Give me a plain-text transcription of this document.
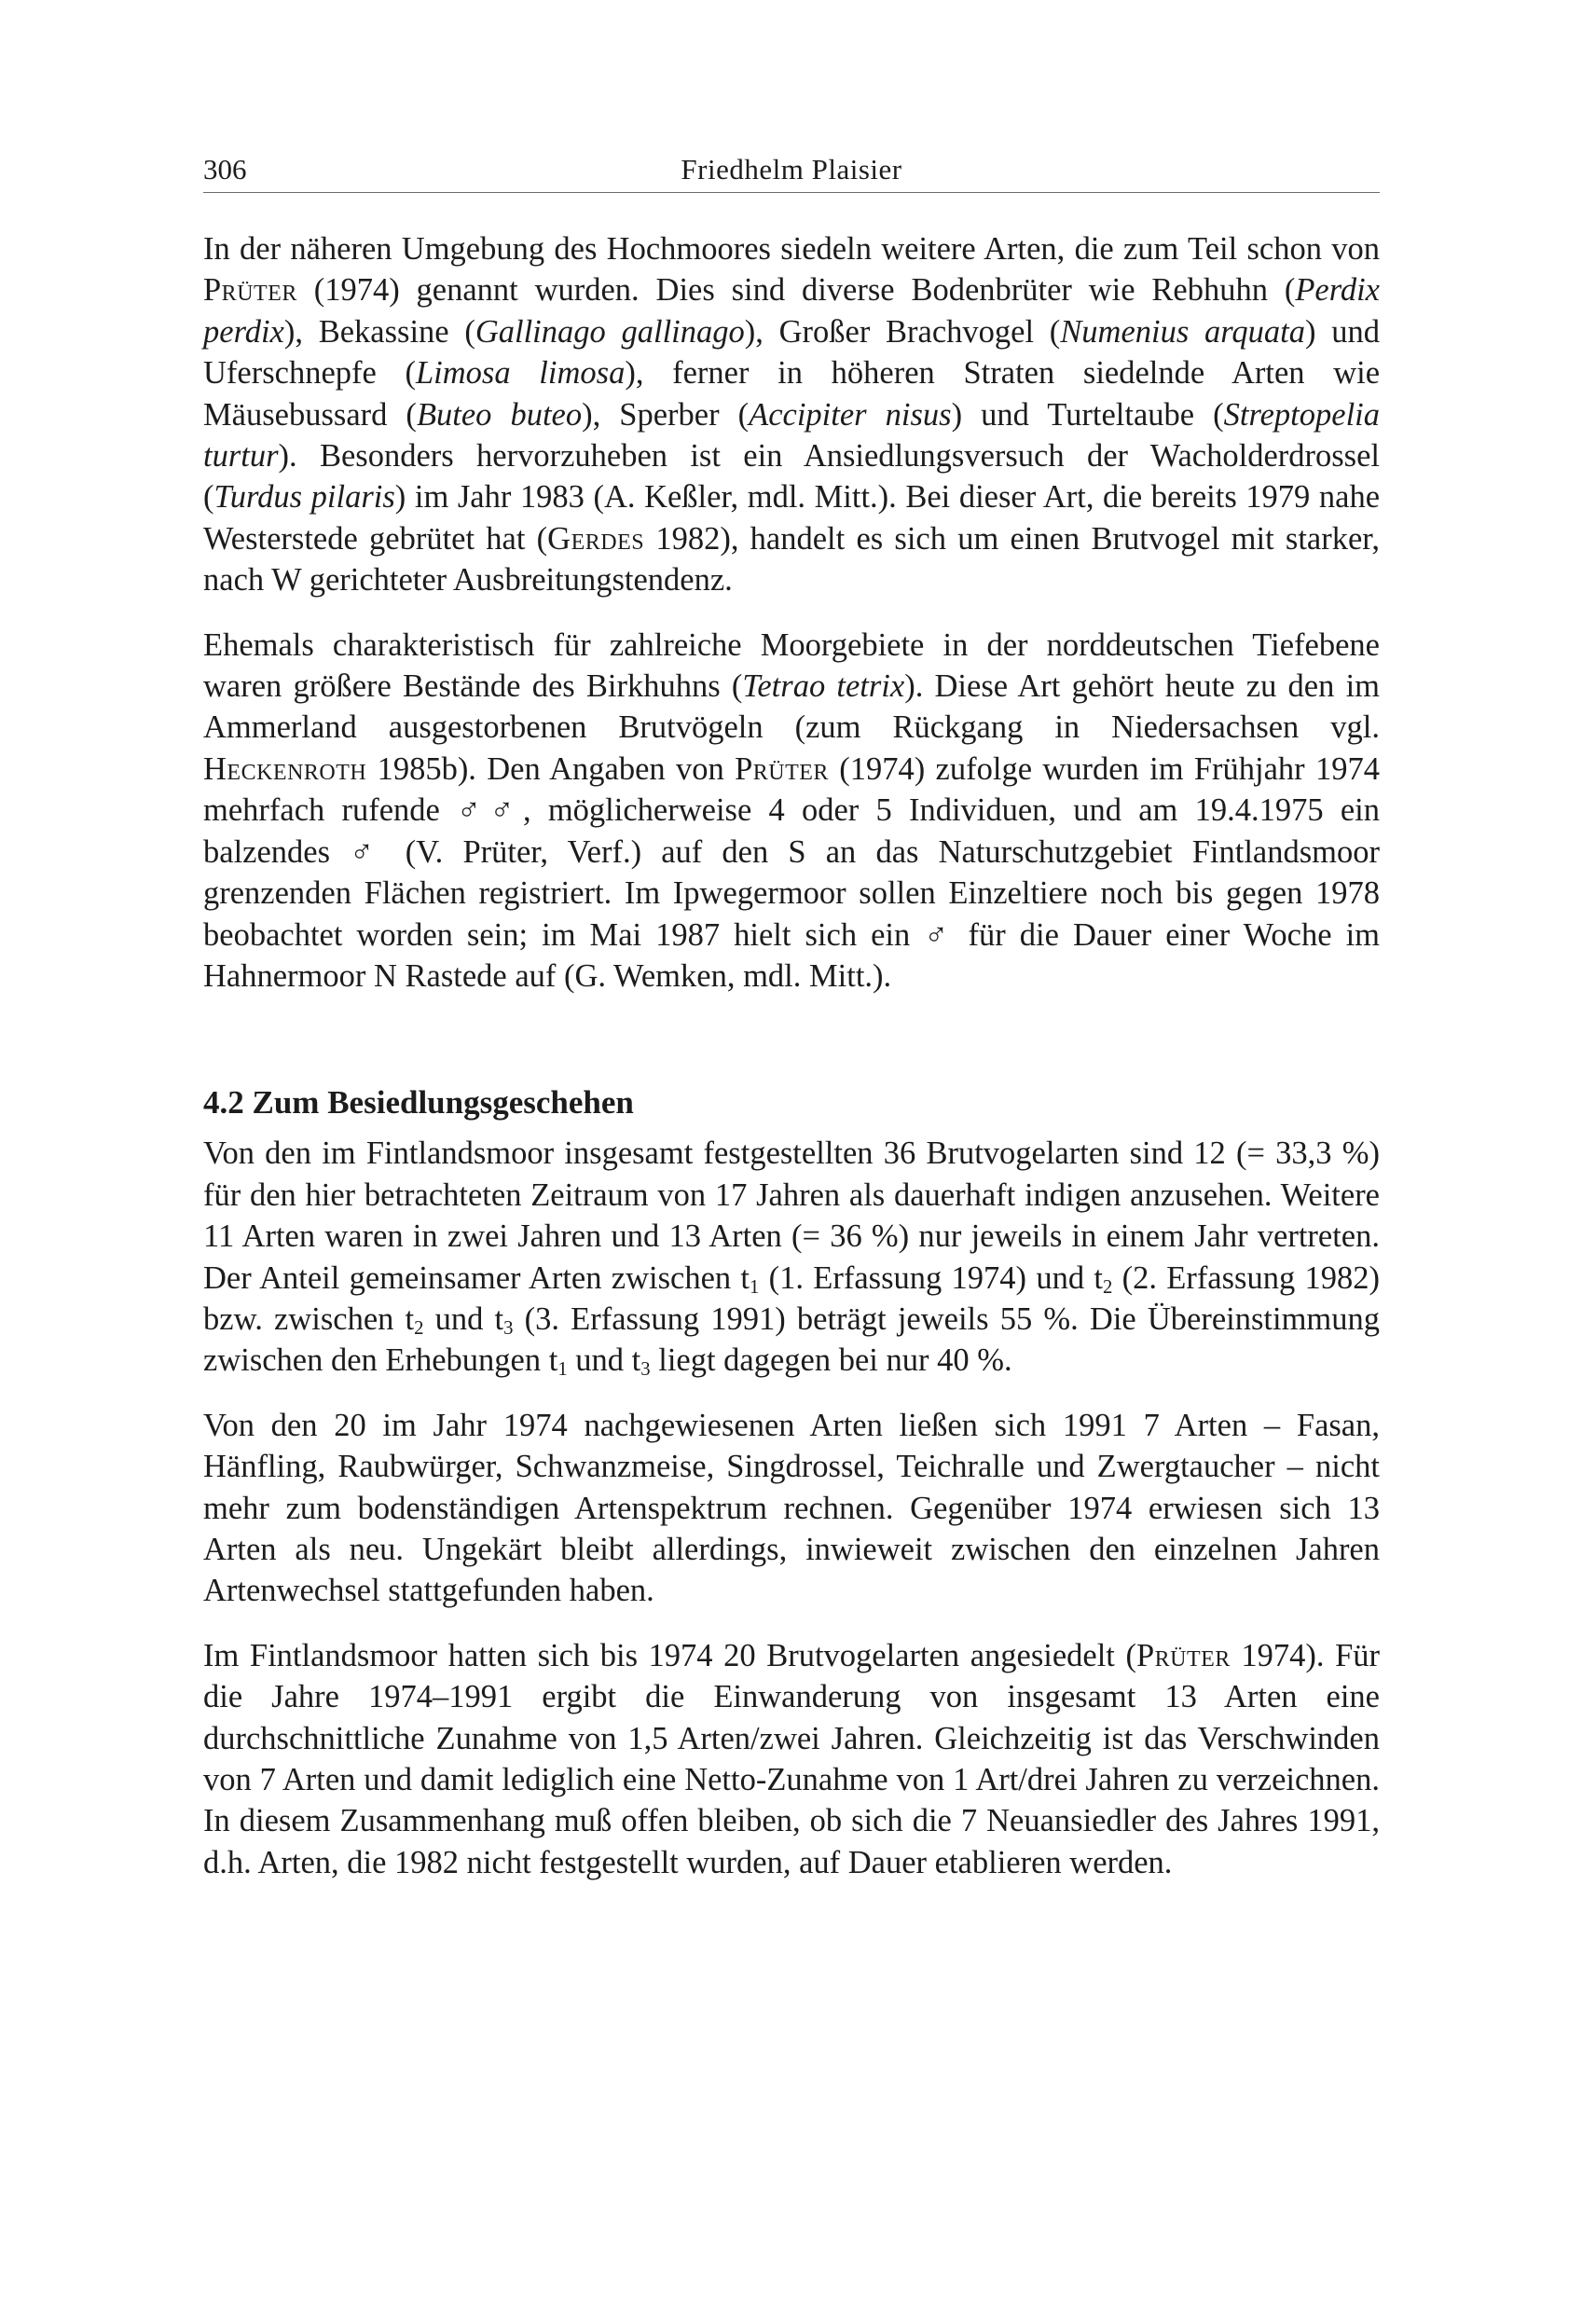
306	Friedhelm Plaisier

In der näheren Umgebung des Hochmoores siedeln weitere Arten, die zum Teil schon von Prüter (1974) genannt wurden. Dies sind diverse Bodenbrüter wie Rebhuhn (Perdix perdix), Bekassine (Gallinago gallinago), Großer Brachvogel (Numenius arquata) und Uferschnepfe (Limosa limosa), ferner in höheren Straten siedelnde Arten wie Mäusebussard (Buteo buteo), Sperber (Accipiter nisus) und Turteltaube (Streptopelia turtur). Besonders hervorzuheben ist ein Ansiedlungsversuch der Wacholderdrossel (Turdus pilaris) im Jahr 1983 (A. Keßler, mdl. Mitt.). Bei dieser Art, die bereits 1979 nahe Westerstede gebrütet hat (Gerdes 1982), handelt es sich um einen Brutvogel mit starker, nach W gerichteter Ausbreitungstendenz.

Ehemals charakteristisch für zahlreiche Moorgebiete in der norddeutschen Tiefebene waren größere Bestände des Birkhuhns (Tetrao tetrix). Diese Art gehört heute zu den im Ammerland ausgestorbenen Brutvögeln (zum Rückgang in Niedersachsen vgl. Heckenroth 1985b). Den Angaben von Prüter (1974) zufolge wurden im Frühjahr 1974 mehrfach rufende ♂♂, möglicherweise 4 oder 5 Individuen, und am 19.4.1975 ein balzendes ♂ (V. Prüter, Verf.) auf den S an das Naturschutzgebiet Fintlandsmoor grenzenden Flächen registriert. Im Ipwegermoor sollen Einzeltiere noch bis gegen 1978 beobachtet worden sein; im Mai 1987 hielt sich ein ♂ für die Dauer einer Woche im Hahnermoor N Rastede auf (G. Wemken, mdl. Mitt.).

4.2 Zum Besiedlungsgeschehen

Von den im Fintlandsmoor insgesamt festgestellten 36 Brutvogelarten sind 12 (= 33,3 %) für den hier betrachteten Zeitraum von 17 Jahren als dauerhaft indigen anzusehen. Weitere 11 Arten waren in zwei Jahren und 13 Arten (= 36 %) nur jeweils in einem Jahr vertreten. Der Anteil gemeinsamer Arten zwischen $t_1$ (1. Erfassung 1974) und $t_2$ (2. Erfassung 1982) bzw. zwischen $t_2$ und $t_3$ (3. Erfassung 1991) beträgt jeweils 55 %. Die Übereinstimmung zwischen den Erhebungen $t_1$ und $t_3$ liegt dagegen bei nur 40 %.

Von den 20 im Jahr 1974 nachgewiesenen Arten ließen sich 1991 7 Arten – Fasan, Hänfling, Raubwürger, Schwanzmeise, Singdrossel, Teichralle und Zwergtaucher – nicht mehr zum bodenständigen Artenspektrum rechnen. Gegenüber 1974 erwiesen sich 13 Arten als neu. Ungekärt bleibt allerdings, inwieweit zwischen den einzelnen Jahren Artenwechsel stattgefunden haben.

Im Fintlandsmoor hatten sich bis 1974 20 Brutvogelarten angesiedelt (Prüter 1974). Für die Jahre 1974–1991 ergibt die Einwanderung von insgesamt 13 Arten eine durchschnittliche Zunahme von 1,5 Arten/zwei Jahren. Gleichzeitig ist das Verschwinden von 7 Arten und damit lediglich eine Netto-Zunahme von 1 Art/drei Jahren zu verzeichnen. In diesem Zusammenhang muß offen bleiben, ob sich die 7 Neuansiedler des Jahres 1991, d.h. Arten, die 1982 nicht festgestellt wurden, auf Dauer etablieren werden.
